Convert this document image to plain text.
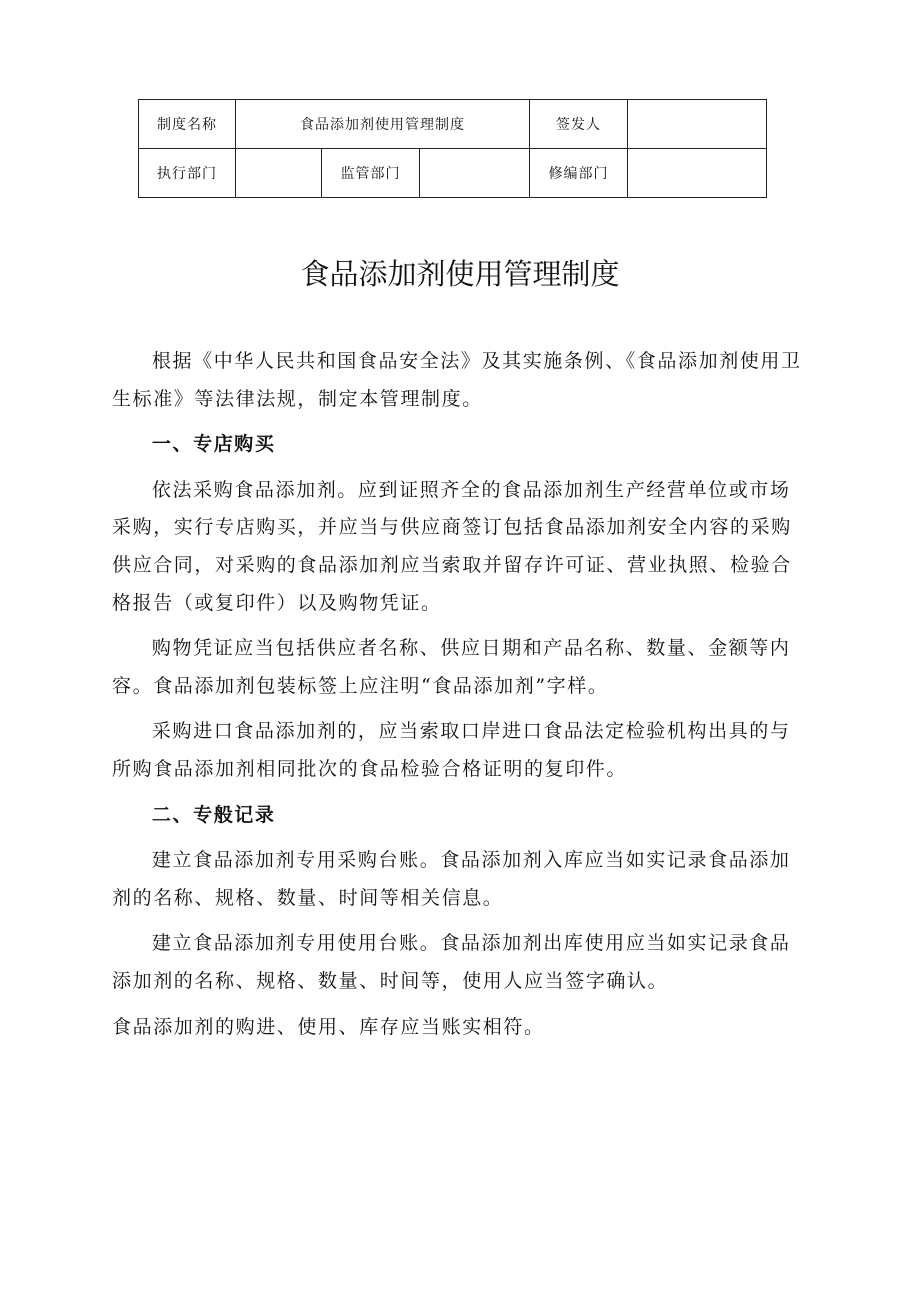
制度名称	食品添加剂使用管理制度			签发人	
执行部门		监管部门		修编部门	
食品添加剂使用管理制度

根据《中华人民共和国食品安全法》及其实施条例、《食品添加剂使用卫生标准》等法律法规，制定本管理制度。

一、专店购买

依法采购食品添加剂。应到证照齐全的食品添加剂生产经营单位或市场采购，实行专店购买，并应当与供应商签订包括食品添加剂安全内容的采购供应合同，对采购的食品添加剂应当索取并留存许可证、营业执照、检验合格报告（或复印件）以及购物凭证。

购物凭证应当包括供应者名称、供应日期和产品名称、数量、金额等内容。食品添加剂包装标签上应注明“食品添加剂”字样。

采购进口食品添加剂的，应当索取口岸进口食品法定检验机构出具的与所购食品添加剂相同批次的食品检验合格证明的复印件。

二、专般记录

建立食品添加剂专用采购台账。食品添加剂入库应当如实记录食品添加剂的名称、规格、数量、时间等相关信息。

建立食品添加剂专用使用台账。食品添加剂出库使用应当如实记录食品添加剂的名称、规格、数量、时间等，使用人应当签字确认。

食品添加剂的购进、使用、库存应当账实相符。
